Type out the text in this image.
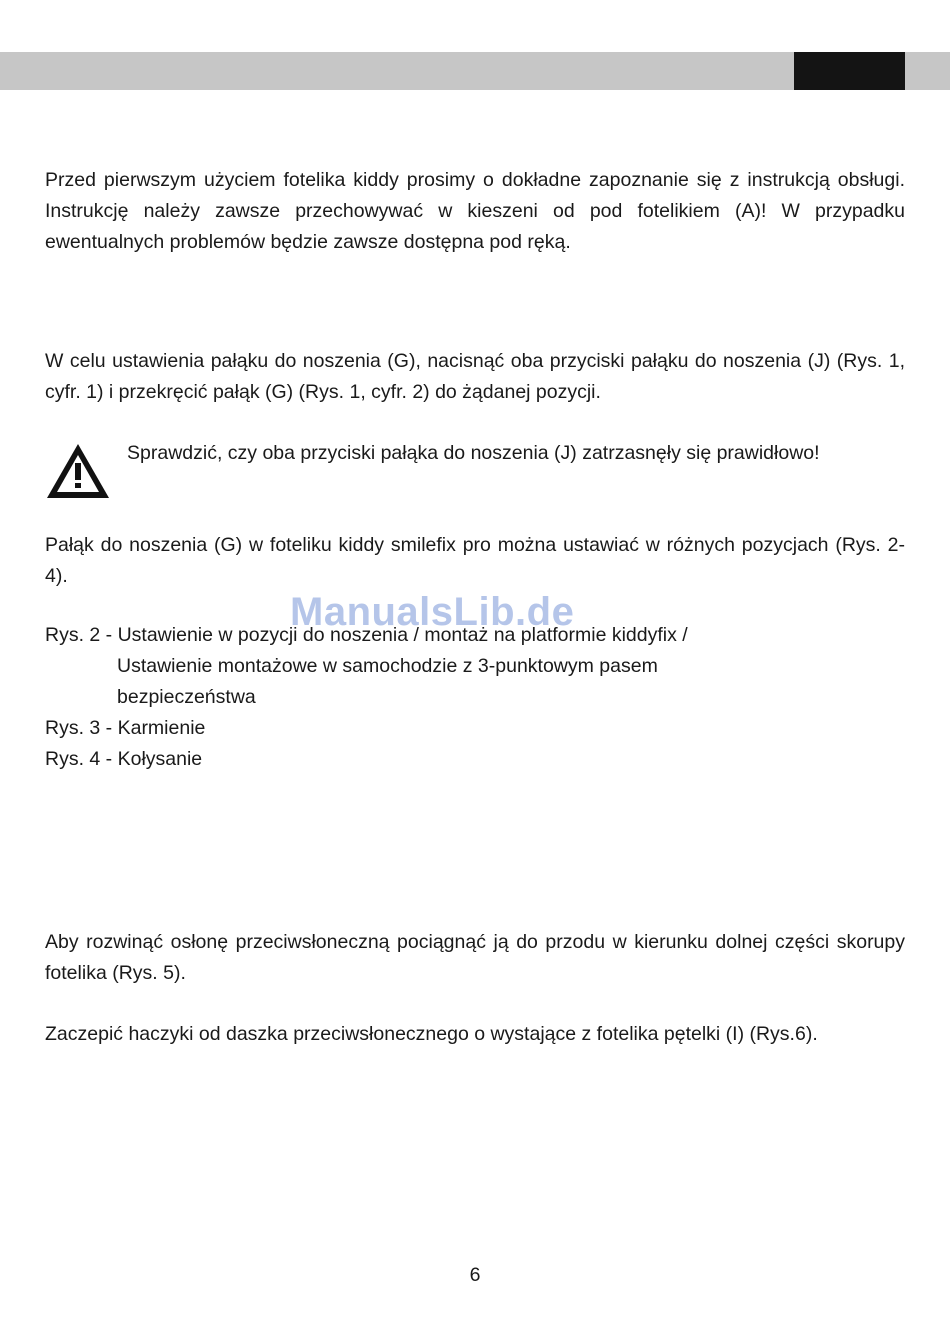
Przed pierwszym użyciem fotelika kiddy prosimy o dokładne zapoznanie się z instrukcją obsługi. Instrukcję należy zawsze przechowywać w kieszeni od pod fotelikiem (A)! W przypadku ewentualnych problemów będzie zawsze dostępna pod ręką.

W celu ustawienia pałąku do noszenia (G), nacisnąć oba przyciski pałąku do noszenia (J) (Rys. 1, cyfr. 1) i przekręcić pałąk (G) (Rys. 1, cyfr. 2) do żądanej pozycji.

Sprawdzić, czy oba przyciski pałąka do noszenia (J) zatrzasnęły się prawidłowo!

Pałąk do noszenia (G) w foteliku kiddy smilefix pro można ustawiać w różnych pozycjach (Rys. 2-4).

Rys. 2 - Ustawienie w pozycji do noszenia / montaż na platformie kiddyfix /
Ustawienie montażowe w samochodzie z 3-punktowym pasem
bezpieczeństwa
Rys. 3 - Karmienie
Rys. 4 - Kołysanie

Aby rozwinąć osłonę przeciwsłoneczną pociągnąć ją do przodu w kierunku dolnej części skorupy fotelika (Rys. 5).

Zaczepić haczyki od daszka przeciwsłonecznego o wystające z fotelika pętelki (I) (Rys.6).

ManualsLib.de
6
